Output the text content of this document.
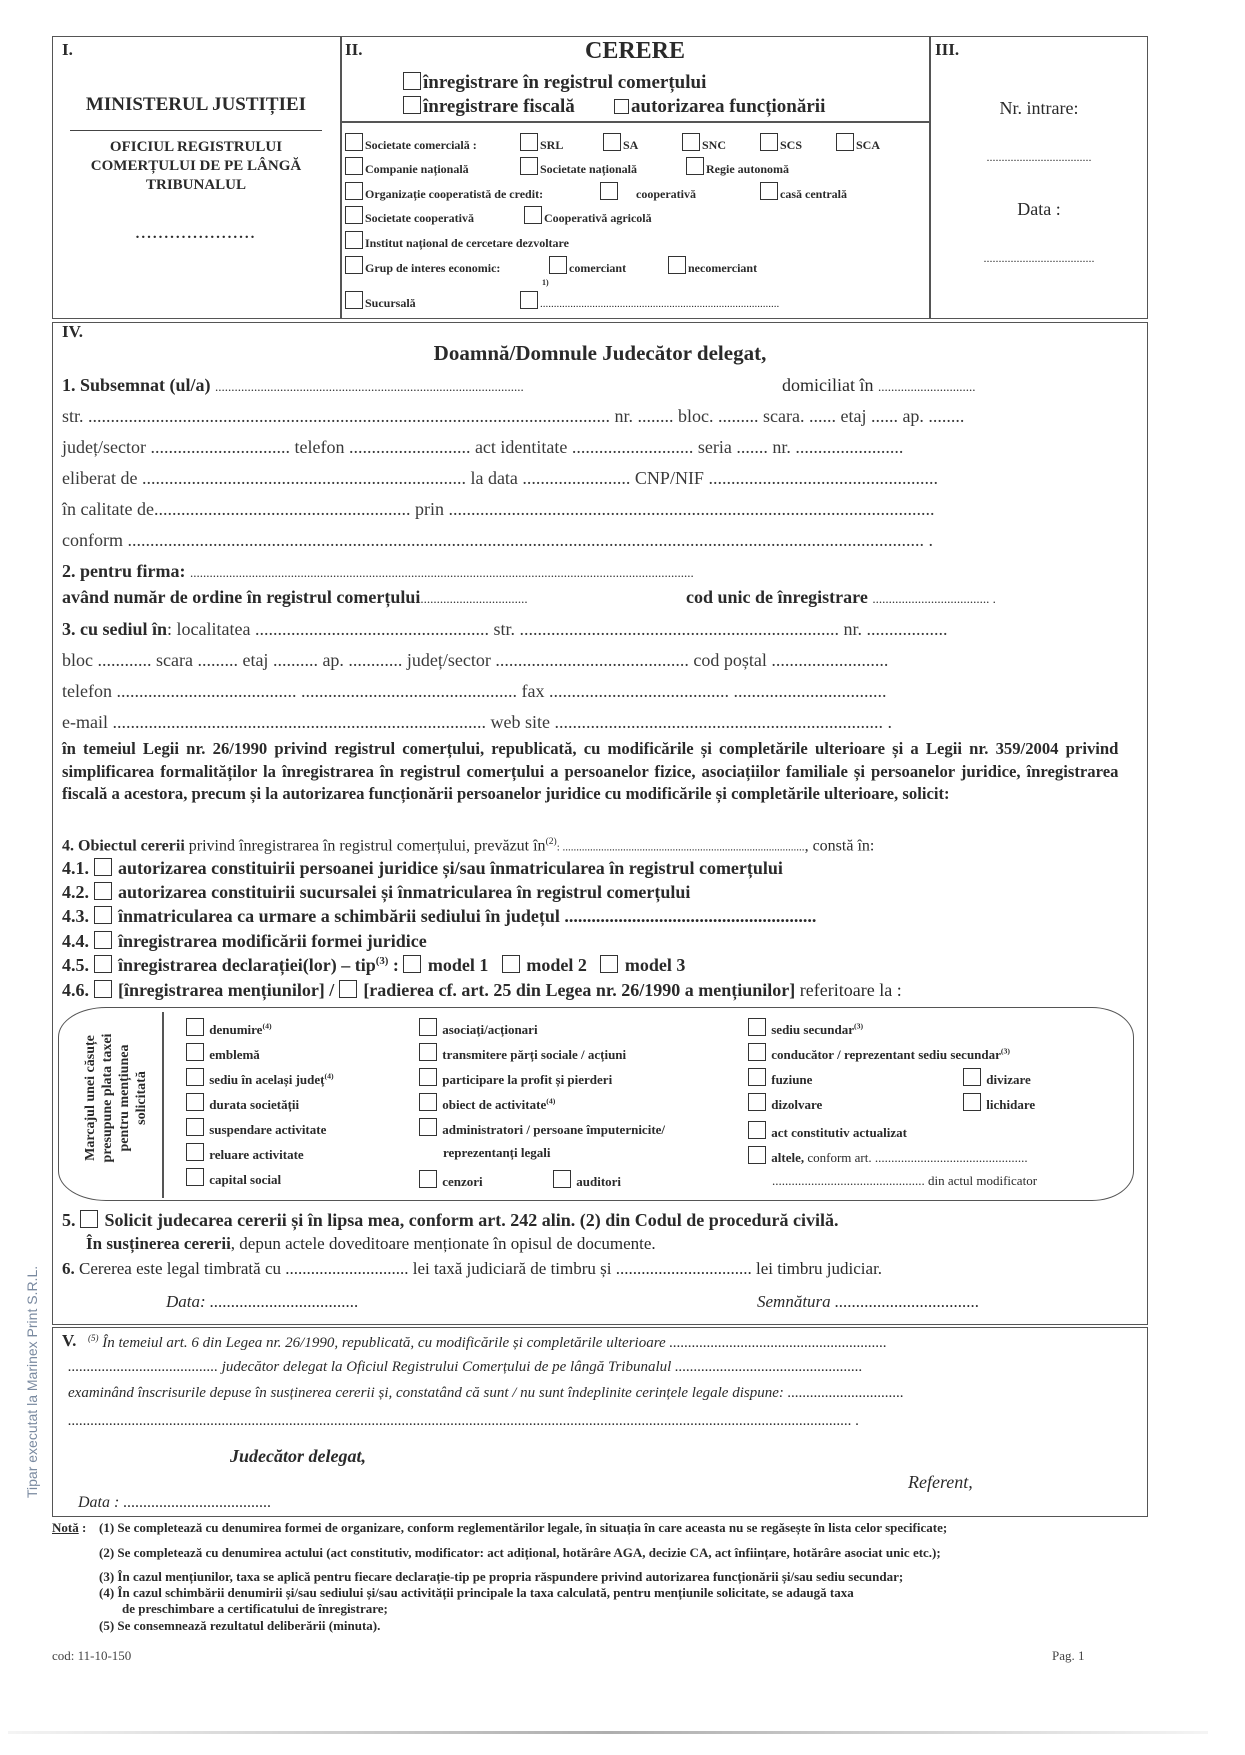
I.
MINISTERUL JUSTIȚIEI
OFICIUL REGISTRULUI
COMERȚULUI DE PE LÂNGĂ
TRIBUNALUL
.....................
II.	CERERE
înregistrare în registrul comerțului
înregistrare fiscală	autorizarea funcționării
Societate comercială :	SRL	SA	SNC	SCS	SCA
Companie națională	Societate națională	Regie autonomă
Organizație cooperatistă de credit:	cooperativă	casă centrală
Societate cooperativă	Cooperativă agricolă
Institut național de cercetare dezvoltare
Grup de interes economic:	comerciant	necomerciant
Sucursală	.......................................................................................
1)
III.
Nr. intrare:
...................................
Data :
.....................................
IV.
Doamnă/Domnule Judecător delegat,
1. Subsemnat (ul/a) ...............................................................................................	domiciliat în ..............................
str. .................................................................................................................... nr. ........ bloc. ......... scara. ...... etaj ...... ap. ........
județ/sector ............................... telefon ........................... act identitate ........................... seria ....... nr. ........................
eliberat de ........................................................................ la data ........................ CNP/NIF ...................................................
în calitate de......................................................... prin ............................................................................................................
conform ................................................................................................................................................................................. .
2. pentru firma: ...........................................................................................................................................................
având număr de ordine în registrul comerțului.................................	cod unic de înregistrare .................................... .
3. cu sediul în: localitatea .................................................... str. ....................................................................... nr. ..................
bloc ............ scara ......... etaj .......... ap. ............ județ/sector ........................................... cod poștal ..........................
telefon ........................................ ................................................ fax ........................................ ..................................
e-mail ................................................................................... web site ......................................................................... .
în temeiul Legii nr. 26/1990 privind registrul comerțului, republicată, cu modificările și completările ulterioare și a Legii nr. 359/2004 privind simplificarea formalităților la înregistrarea în registrul comerțului a persoanelor fizice, asociațiilor familiale și persoanelor juridice, înregistrarea fiscală a acestora, precum și la autorizarea funcționării persoanelor juridice cu modificările și completările ulterioare, solicit:
4. Obiectul cererii privind înregistrarea în registrul comerțului, prevăzut $în^{(2)}$: ........................................................................................, constă în:
4.1. autorizarea constituirii persoanei juridice și/sau înmatricularea în registrul comerțului
4.2. autorizarea constituirii sucursalei și înmatricularea în registrul comerțului
4.3. înmatricularea ca urmare a schimbării sediului în județul ........................................................
4.4. înregistrarea modificării formei juridice
4.5. înregistrarea declarației(lor) – tip$^{(3)}$ :  model 1 model 2 model 3
4.6. [înregistrarea mențiunilor] / [radierea cf. art. 25 din Legea nr. 26/1990 a mențiunilor] referitoare la :
Marcajul unei căsuțe presupune plata taxei pentru mențiunea solicitată
denumire$^{(4)}$
emblemă
sediu în același județ$^{(4)}$
durata societății
suspendare activitate
reluare activitate
capital social
asociați/acționari
transmitere părți sociale / acțiuni
participare la profit și pierderi
obiect de activitate$^{(4)}$
administratori / persoane împuternicite/
reprezentanți legali
cenzori	auditori
sediu secundar$^{(3)}$
conducător / reprezentant sediu secundar$^{(3)}$
fuziune	divizare
dizolvare	lichidare
act constitutiv actualizat
altele, conform art. ...............................................
............................................... din actul modificator
5. Solicit judecarea cererii și în lipsa mea, conform art. 242 alin. (2) din Codul de procedură civilă.
În susținerea cererii, depun actele doveditoare menționate în opisul de documente.
6. Cererea este legal timbrată cu ............................. lei taxă judiciară de timbru și ................................ lei timbru judiciar.
Data: ...................................	Semnătura ..................................
V. $^{(5)}$ În temeiul art. 6 din Legea nr. 26/1990, republicată, cu modificările și completările ulterioare ..........................................................
........................................ judecător delegat la Oficiul Registrului Comerțului de pe lângă Tribunalul ..................................................
examinând înscrisurile depuse în susținerea cererii și, constatând că sunt / nu sunt îndeplinite cerințele legale dispune: ...............................
................................................................................................................................................................................................................. .
Judecător delegat,
Referent,
Data : .....................................
Notă : (1) Se completează cu denumirea formei de organizare, conform reglementărilor legale, în situația în care aceasta nu se regăsește în lista celor specificate;
(2) Se completează cu denumirea actului (act constitutiv, modificator: act adițional, hotărâre AGA, decizie CA, act înființare, hotărâre asociat unic etc.);
(3) În cazul mențiunilor, taxa se aplică pentru fiecare declarație-tip pe propria răspundere privind autorizarea funcționării și/sau sediu secundar;
(4) În cazul schimbării denumirii și/sau sediului și/sau activității principale la taxa calculată, pentru mențiunile solicitate, se adaugă taxa
de preschimbare a certificatului de înregistrare;
(5) Se consemnează rezultatul deliberării (minuta).
cod: 11-10-150	Pag. 1
Tipar executat la Marinex Print S.R.L.
